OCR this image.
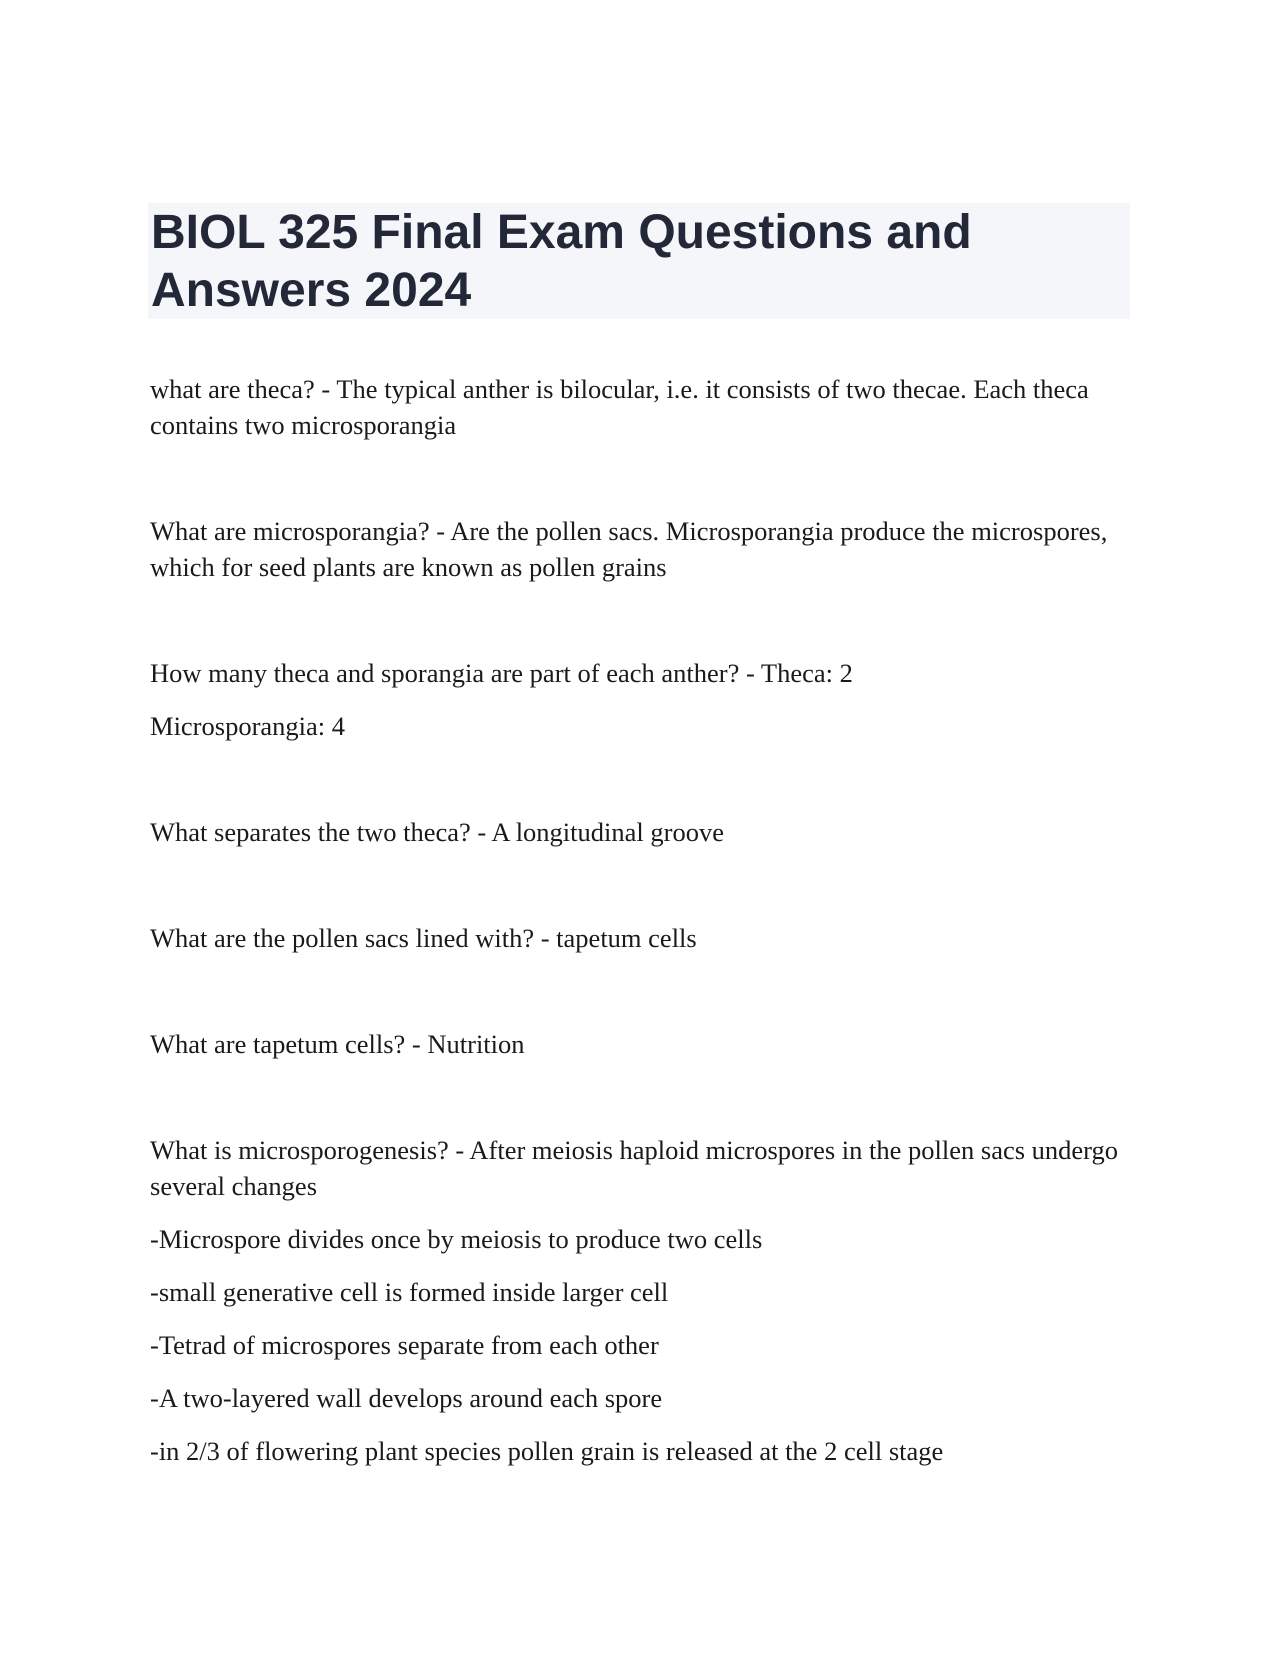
BIOL 325 Final Exam Questions and Answers 2024

what are theca? - The typical anther is bilocular, i.e. it consists of two thecae. Each theca contains two microsporangia

What are microsporangia? - Are the pollen sacs. Microsporangia produce the microspores, which for seed plants are known as pollen grains

How many theca and sporangia are part of each anther? - Theca: 2

Microsporangia: 4

What separates the two theca? - A longitudinal groove

What are the pollen sacs lined with? - tapetum cells

What are tapetum cells? - Nutrition

What is microsporogenesis? - After meiosis haploid microspores in the pollen sacs undergo several changes

-Microspore divides once by meiosis to produce two cells

-small generative cell is formed inside larger cell

-Tetrad of microspores separate from each other

-A two-layered wall develops around each spore

-in 2/3 of flowering plant species pollen grain is released at the 2 cell stage
